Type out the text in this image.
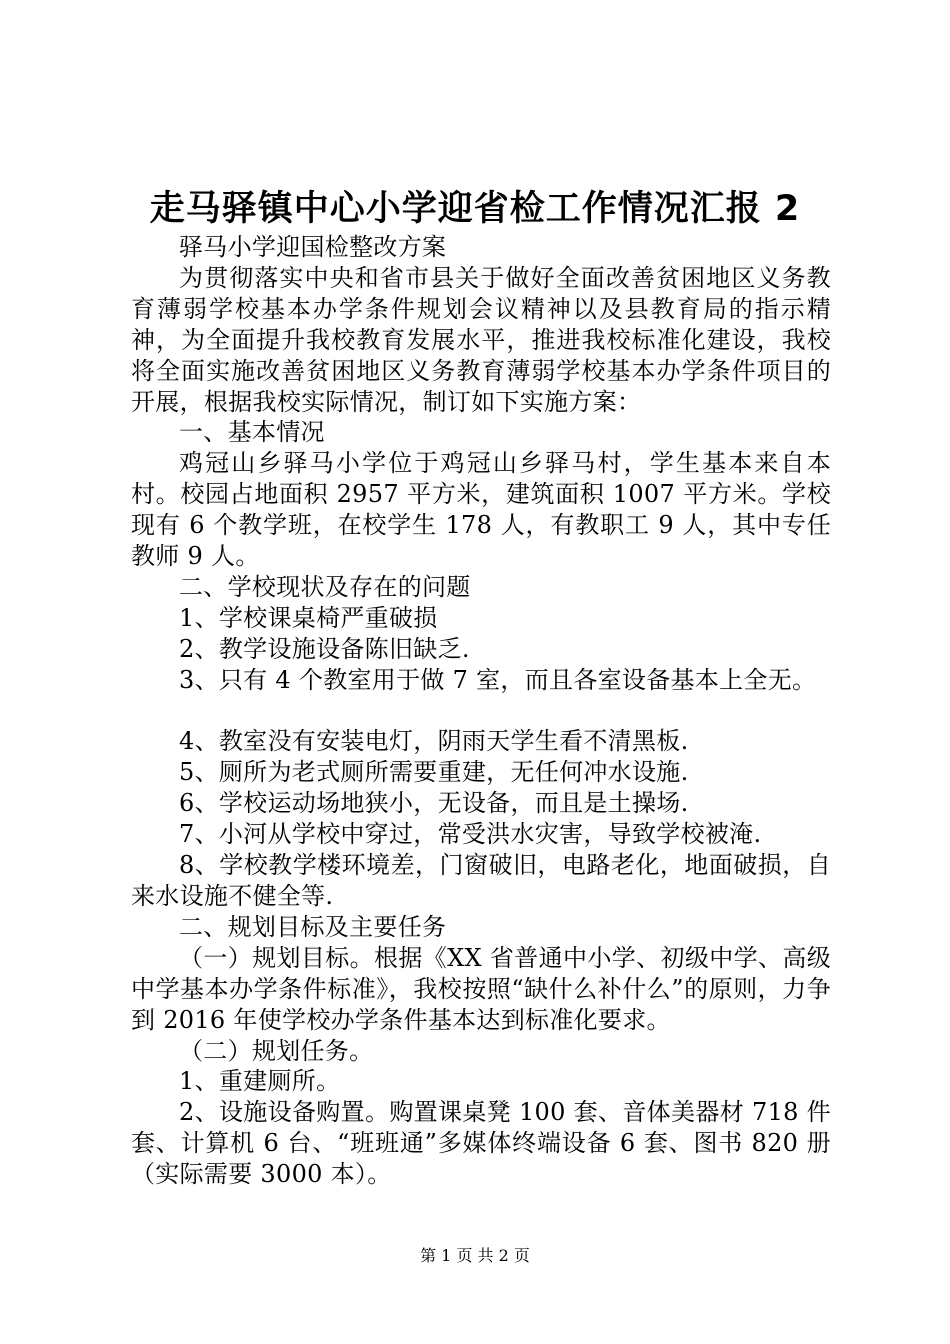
走马驿镇中心小学迎省检工作情况汇报 2

驿马小学迎国检整改方案

为贯彻落实中央和省市县关于做好全面改善贫困地区义务教育薄弱学校基本办学条件规划会议精神以及县教育局的指示精神，为全面提升我校教育发展水平，推进我校标准化建设，我校将全面实施改善贫困地区义务教育薄弱学校基本办学条件项目的开展，根据我校实际情况，制订如下实施方案：

一、基本情况

鸡冠山乡驿马小学位于鸡冠山乡驿马村，学生基本来自本村。校园占地面积 2957 平方米，建筑面积 1007 平方米。学校现有 6 个教学班，在校学生 178 人，有教职工 9 人，其中专任教师 9 人。

二、学校现状及存在的问题

1、学校课桌椅严重破损

2、教学设施设备陈旧缺乏.

3、只有 4 个教室用于做 7 室，而且各室设备基本上全无。

4、教室没有安装电灯，阴雨天学生看不清黑板.

5、厕所为老式厕所需要重建，无任何冲水设施.

6、学校运动场地狭小，无设备，而且是土操场.

7、小河从学校中穿过，常受洪水灾害，导致学校被淹.

8、学校教学楼环境差，门窗破旧，电路老化，地面破损，自来水设施不健全等.

二、规划目标及主要任务

（一）规划目标。根据《XX 省普通中小学、初级中学、高级中学基本办学条件标准》，我校按照“缺什么补什么”的原则，力争到 2016 年使学校办学条件基本达到标准化要求。

（二）规划任务。

1、重建厕所。

2、设施设备购置。购置课桌凳 100 套、音体美器材 718 件套、计算机 6 台、“班班通”多媒体终端设备 6 套、图书 820 册（实际需要 3000 本）。

第 1 页 共 2 页
